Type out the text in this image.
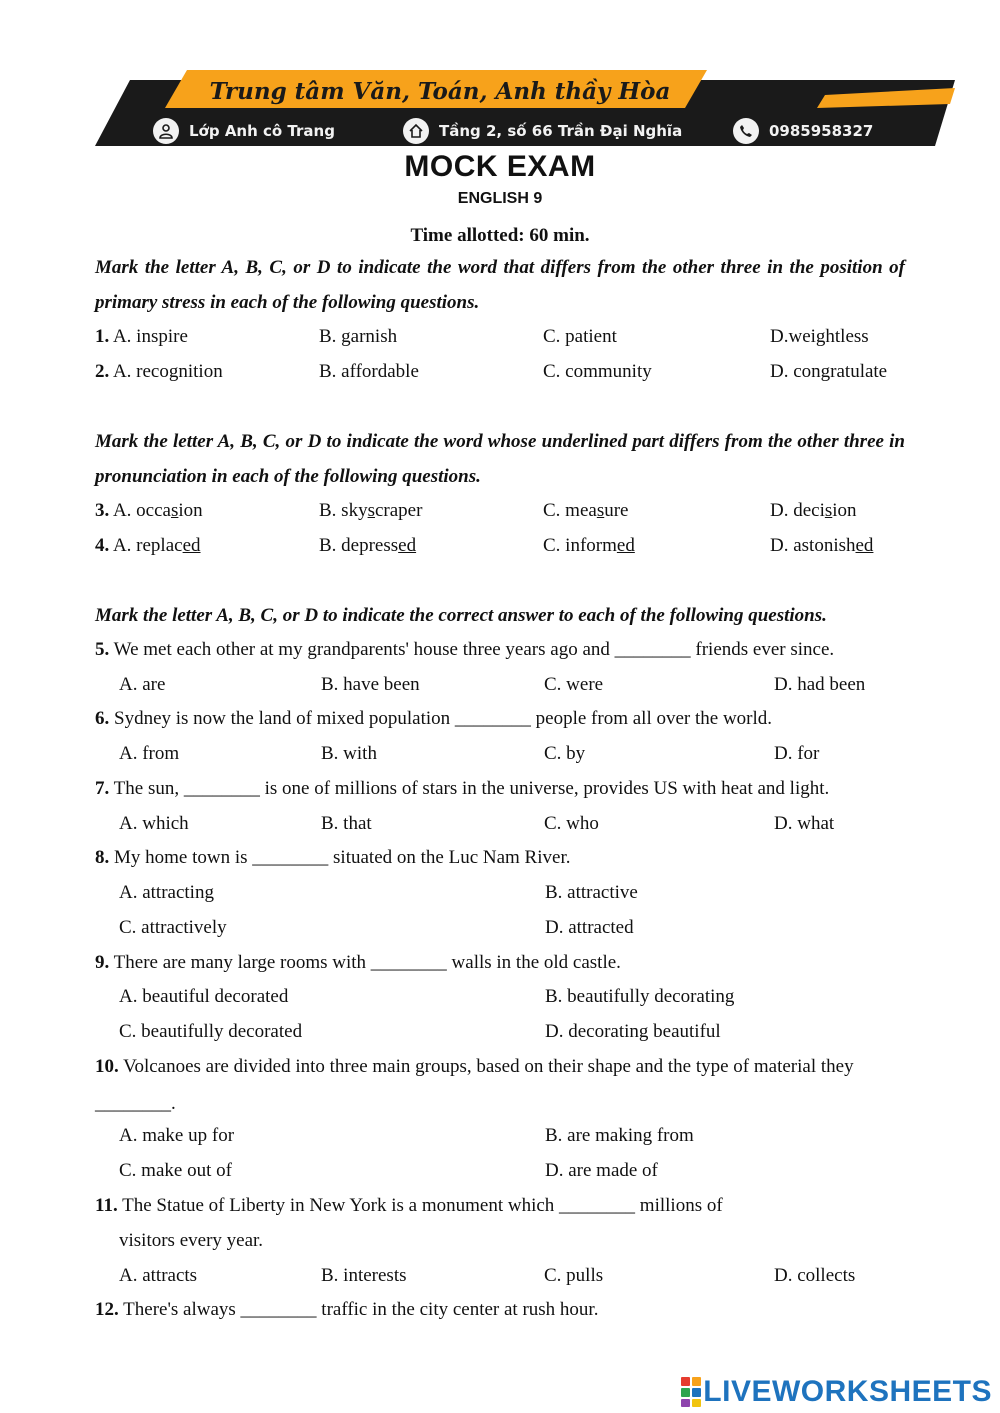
Trung tâm Văn, Toán, Anh thầy Hòa
Lớp Anh cô Trang	Tầng 2, số 66 Trần Đại Nghĩa	0985958327
MOCK EXAM
ENGLISH 9
Time allotted: 60 min.
Mark the letter A, B, C, or D to indicate the word that differs from the other three in the position of primary stress in each of the following questions.
1. A. inspire	B. garnish	C. patient	D.weightless
2. A. recognition	B. affordable	C. community	D. congratulate
Mark the letter A, B, C, or D to indicate the word whose underlined part differs from the other three in pronunciation in each of the following questions.
3. A. occasion	B. skyscraper	C. measure	D. decision
4. A. replaced	B. depressed	C. informed	D. astonished
Mark the letter A, B, C, or D to indicate the correct answer to each of the following questions.
5. We met each other at my grandparents' house three years ago and ________ friends ever since.
A. are	B. have been	C. were	D. had been
6. Sydney is now the land of mixed population ________ people from all over the world.
A. from	B. with	C. by	D. for
7. The sun, ________ is one of millions of stars in the universe, provides US with heat and light.
A. which	B. that	C. who	D. what
8. My home town is ________ situated on the Luc Nam River.
A. attracting	B. attractive
C. attractively	D. attracted
9. There are many large rooms with ________ walls in the old castle.
A. beautiful decorated	B. beautifully decorating
C. beautifully decorated	D. decorating beautiful
10. Volcanoes are divided into three main groups, based on their shape and the type of material they
________.
A. make up for	B. are making from
C. make out of	D. are made of
11. The Statue of Liberty in New York is a monument which ________ millions of
visitors every year.
A. attracts	B. interests	C. pulls	D. collects
12. There's always ________ traffic in the city center at rush hour.
LIVEWORKSHEETS
